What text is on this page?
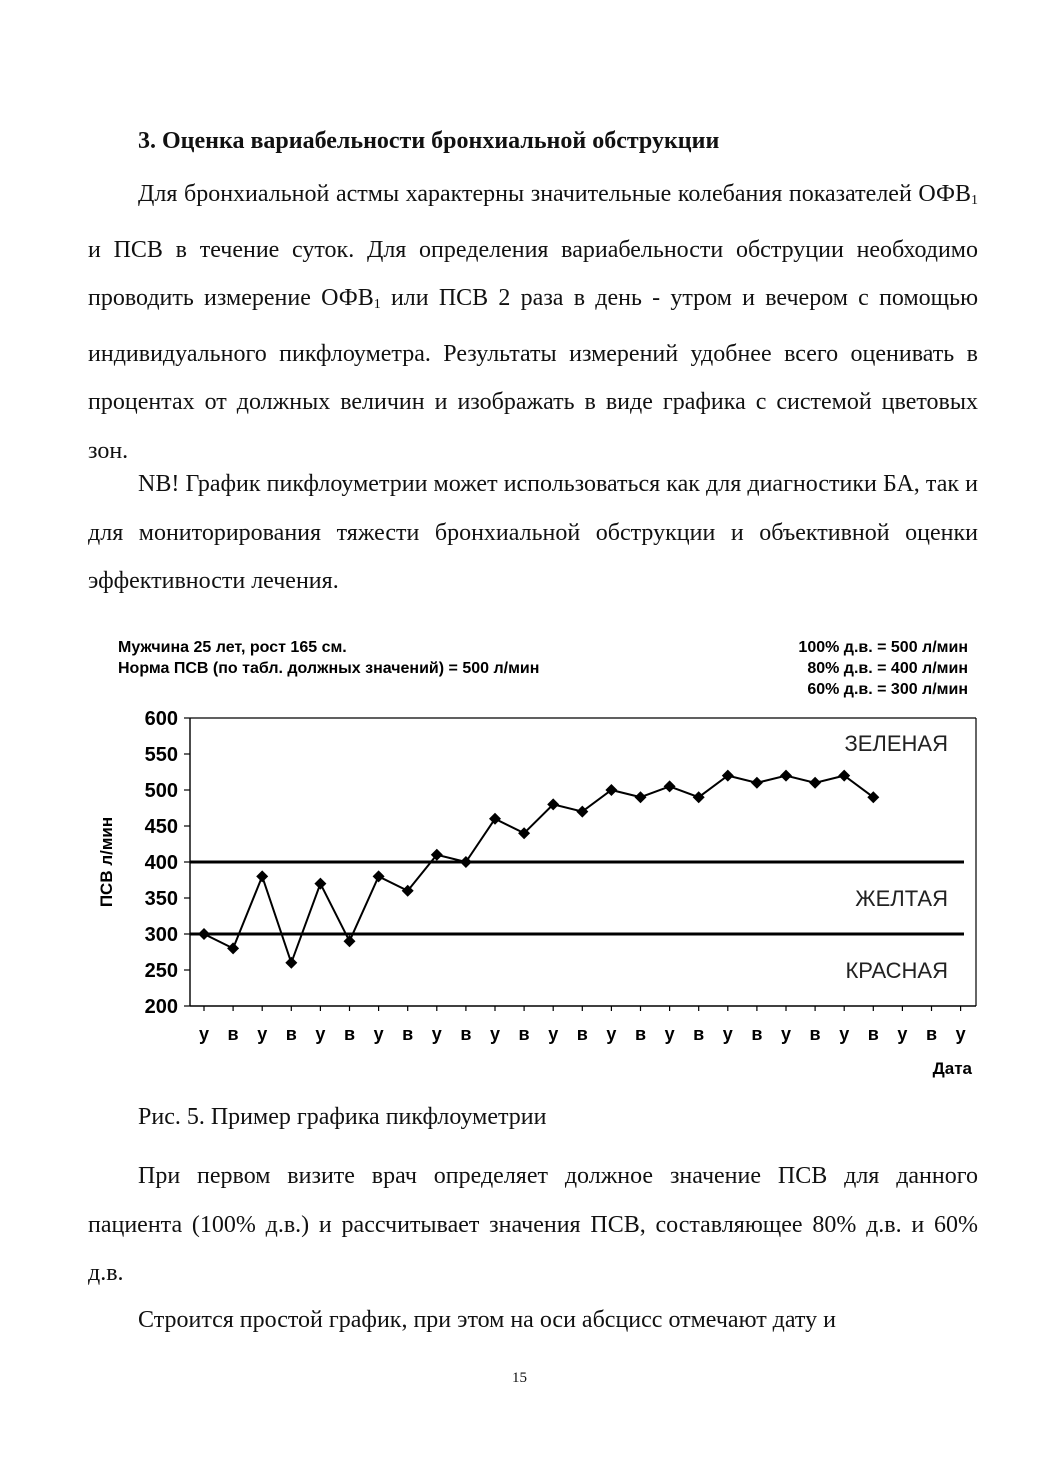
3. Оценка вариабельности бронхиальной обструкции

Для бронхиальной астмы характерны значительные колебания показателей $ОФВ_1$ и ПСВ в течение суток. Для определения вариабельности обструции необходимо проводить измерение $ОФВ_1$ или ПСВ 2 раза в день - утром и вечером с помощью индивидуального пикфлоуметра. Результаты измерений удобнее всего оценивать в процентах от должных величин и изображать в виде графика с системой цветовых зон.

NB! График пикфлоуметрии может использоваться как для диагностики БА, так и для мониторирования тяжести бронхиальной обструкции и объективной оценки эффективности лечения.

Мужчина 25 лет, рост 165 см.
Норма ПСВ (по табл. должных значений) = 500 л/мин
100% д.в. = 500 л/мин
80% д.в. = 400 л/мин
60% д.в. = 300 л/мин
200
250
300
350
400
450
500
550
600
ПСВ л/мин
у в у в у в у в у в у в у в у в у в у в у в у в у в у
Дата
ЗЕЛЕНАЯ
ЖЕЛТАЯ
КРАСНАЯ
Рис. 5. Пример графика пикфлоуметрии

При первом визите врач определяет должное значение ПСВ для данного пациента (100% д.в.) и рассчитывает значения ПСВ, составляющее 80% д.в. и 60% д.в.

Строится простой график, при этом на оси абсцисс отмечают дату и

15
